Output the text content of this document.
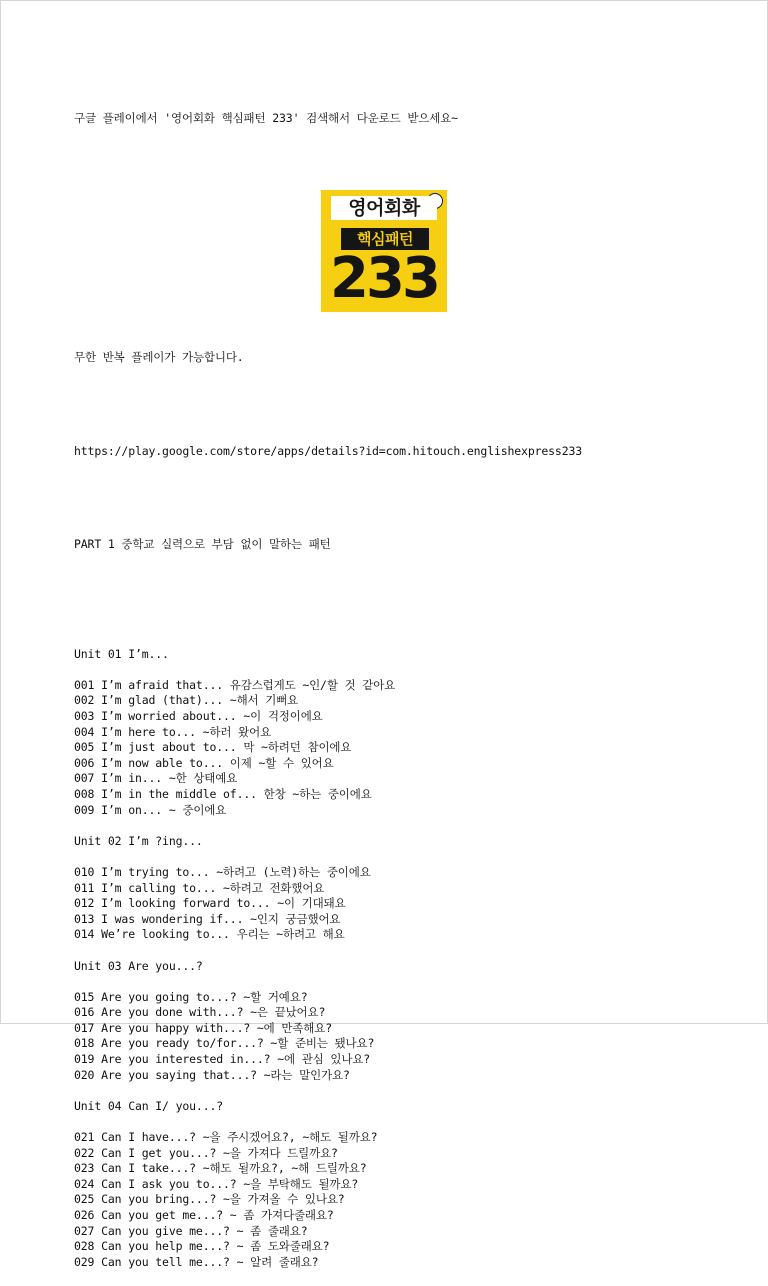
구글 플레이에서 '영어회화 핵심패턴 233' 검색해서 다운로드 받으세요~

영어회화

핵심패턴

233

무한 반복 플레이가 가능합니다.

https://play.google.com/store/apps/details?id=com.hitouch.englishexpress233

PART 1 중학교 실력으로 부담 없이 말하는 패턴

Unit 01 I’m...
001 I’m afraid that... 유감스럽게도 ~인/할 것 같아요
002 I’m glad (that)... ~해서 기뻐요
003 I’m worried about... ~이 걱정이에요
004 I’m here to... ~하러 왔어요
005 I’m just about to... 막 ~하려던 참이에요
006 I’m now able to... 이제 ~할 수 있어요
007 I’m in... ~한 상태예요
008 I’m in the middle of... 한창 ~하는 중이에요
009 I’m on... ~ 중이에요
Unit 02 I’m ?ing...
010 I’m trying to... ~하려고 (노력)하는 중이에요
011 I’m calling to... ~하려고 전화했어요
012 I’m looking forward to... ~이 기대돼요
013 I was wondering if... ~인지 궁금했어요
014 We’re looking to... 우리는 ~하려고 해요
Unit 03 Are you...?
015 Are you going to...? ~할 거예요?
016 Are you done with...? ~은 끝났어요?
017 Are you happy with...? ~에 만족해요?
018 Are you ready to/for...? ~할 준비는 됐나요?
019 Are you interested in...? ~에 관심 있나요?
020 Are you saying that...? ~라는 말인가요?
Unit 04 Can I/ you...?
021 Can I have...? ~을 주시겠어요?, ~해도 될까요?
022 Can I get you...? ~을 가져다 드릴까요?
023 Can I take...? ~해도 될까요?, ~해 드릴까요?
024 Can I ask you to...? ~을 부탁해도 될까요?
025 Can you bring...? ~을 가져올 수 있나요?
026 Can you get me...? ~ 좀 가져다줄래요?
027 Can you give me...? ~ 좀 줄래요?
028 Can you help me...? ~ 좀 도와줄래요?
029 Can you tell me...? ~ 알려 줄래요?
